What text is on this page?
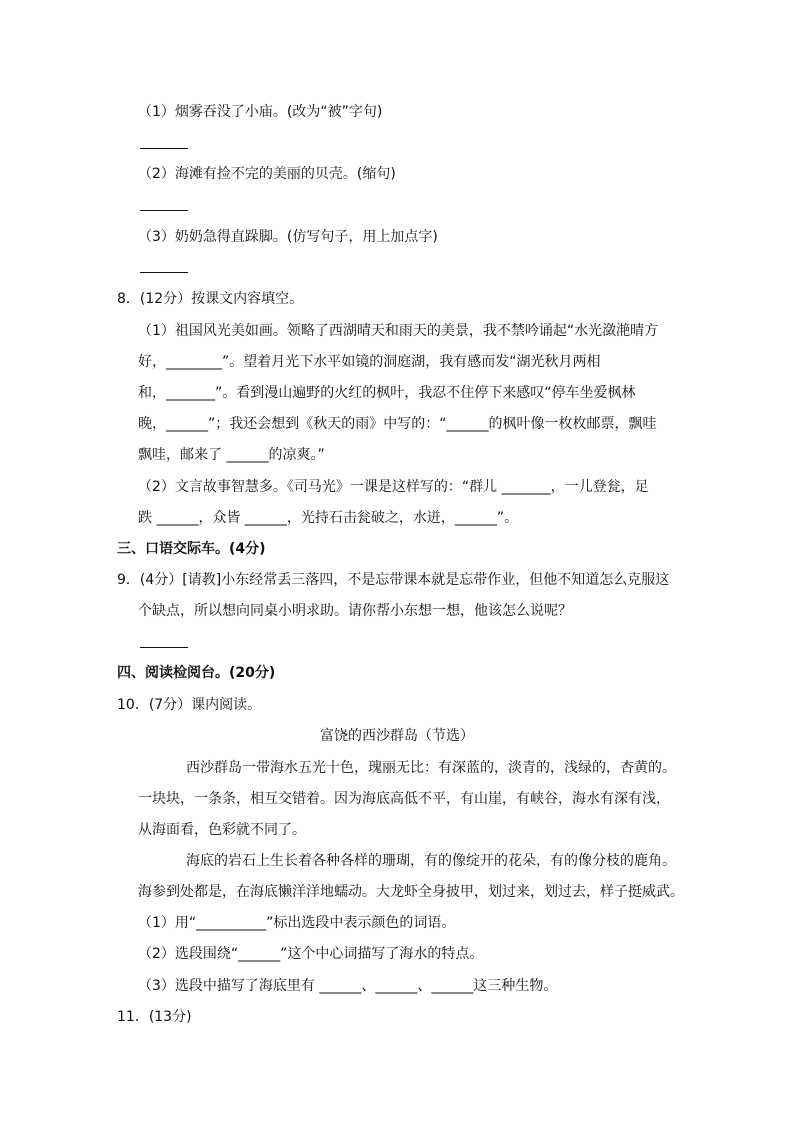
（1）烟雾吞没了小庙。(改为“被”字句)
（2）海滩有捡不完的美丽的贝壳。(缩句)
（3）奶奶急得直跺脚。(仿写句子，用上加点字)
8．(12分）按课文内容填空。
（1）祖国风光美如画。领略了西湖晴天和雨天的美景，我不禁吟诵起“水光潋滟晴方
好，________”。望着月光下水平如镜的洞庭湖，我有感而发“湖光秋月两相
和，_______”。看到漫山遍野的火红的枫叶，我忍不住停下来感叹“停车坐爱枫林
晚，______”；我还会想到《秋天的雨》中写的：“______的枫叶像一枚枚邮票，飘哇
飘哇，邮来了 ______的凉爽。”
（2）文言故事智慧多。《司马光》一课是这样写的：“群儿 _______，一儿登瓮，足
跌 ______，众皆 ______，光持石击瓮破之，水迸，______”。
三、口语交际车。(4分)
9．(4分）[请教]小东经常丢三落四，不是忘带课本就是忘带作业，但他不知道怎么克服这
个缺点，所以想向同桌小明求助。请你帮小东想一想，他该怎么说呢？
四、阅读检阅台。(20分)
10．(7分）课内阅读。
富饶的西沙群岛（节选）
西沙群岛一带海水五光十色，瑰丽无比：有深蓝的，淡青的，浅绿的，杏黄的。
一块块，一条条，相互交错着。因为海底高低不平，有山崖，有峡谷，海水有深有浅，
从海面看，色彩就不同了。
海底的岩石上生长着各种各样的珊瑚，有的像绽开的花朵，有的像分枝的鹿角。
海参到处都是，在海底懒洋洋地蠕动。大龙虾全身披甲，划过来，划过去，样子挺威武。
（1）用“__________”标出选段中表示颜色的词语。
（2）选段围绕“______”这个中心词描写了海水的特点。
（3）选段中描写了海底里有 ______、______、______这三种生物。
11．(13分)
